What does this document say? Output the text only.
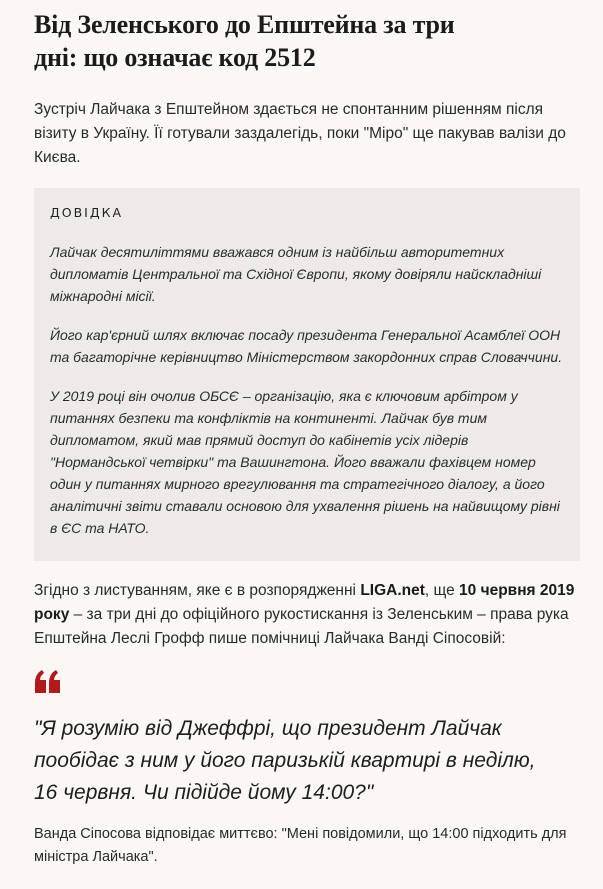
Від Зеленського до Епштейна за три дні: що означає код 2512

Зустріч Лайчака з Епштейном здається не спонтанним рішенням після візиту в Україну. Її готували заздалегідь, поки "Міро" ще пакував валізи до Києва.

ДОВІДКА

Лайчак десятиліттями вважався одним із найбільш авторитетних дипломатів Центральної та Східної Європи, якому довіряли найскладніші міжнародні місії.

Його кар'єрний шлях включає посаду президента Генеральної Асамблеї ООН та багаторічне керівництво Міністерством закордонних справ Словаччини.

У 2019 році він очолив ОБСЄ – організацію, яка є ключовим арбітром у питаннях безпеки та конфліктів на континенті. Лайчак був тим дипломатом, який мав прямий доступ до кабінетів усіх лідерів "Нормандської четвірки" та Вашингтона. Його вважали фахівцем номер один у питаннях мирного врегулювання та стратегічного діалогу, а його аналітичні звіти ставали основою для ухвалення рішень на найвищому рівні в ЄС та НАТО.

Згідно з листуванням, яке є в розпорядженні LIGA.net, ще 10 червня 2019 року – за три дні до офіційного рукостискання із Зеленським – права рука Епштейна Леслі Грофф пише помічниці Лайчака Ванді Сіпосовій:

"Я розумію від Джеффрі, що президент Лайчак пообідає з ним у його паризькій квартирі в неділю, 16 червня. Чи підійде йому 14:00?"

Ванда Сіпосова відповідає миттєво: "Мені повідомили, що 14:00 підходить для міністра Лайчака".
